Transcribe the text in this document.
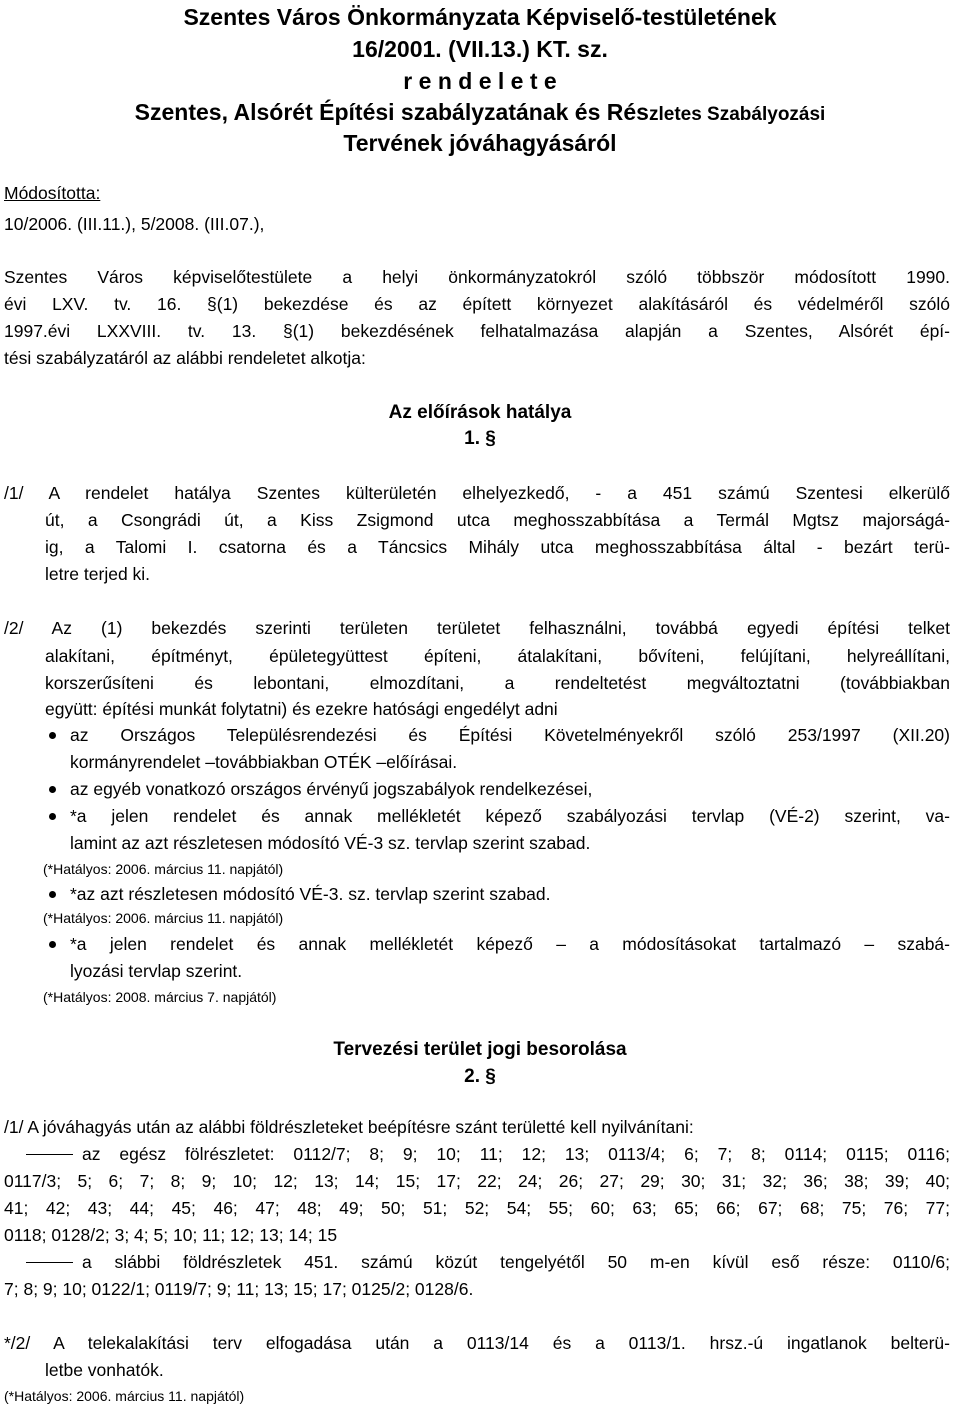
Szentes Város Önkormányzata Képviselő-testületének
16/2001. (VII.13.) KT. sz.
r e n d e l e t e
Szentes, Alsórét Építési szabályzatának és Részletes Szabályozási
Tervének jóváhagyásáról
Módosította:
10/2006. (III.11.), 5/2008. (III.07.),
Szentes Város képviselőtestülete a helyi önkormányzatokról szóló többször módosított 1990.
évi LXV. tv. 16. §(1) bekezdése és az épített környezet alakításáról és védelméről szóló
1997.évi LXXVIII. tv. 13. §(1) bekezdésének felhatalmazása alapján a Szentes, Alsórét épí-
tési szabályzatáról az alábbi rendeletet alkotja:
Az előírások hatálya
1. §
/1/ A rendelet hatálya Szentes külterületén elhelyezkedő, - a 451 számú Szentesi elkerülő
út, a Csongrádi út, a Kiss Zsigmond utca meghosszabbítása a Termál Mgtsz majorságá-
ig, a Talomi I. csatorna és a Táncsics Mihály utca meghosszabbítása által - bezárt terü-
letre terjed ki.
/2/ Az (1) bekezdés szerinti területen területet felhasználni, továbbá egyedi építési telket
alakítani, építményt, épületegyüttest építeni, átalakítani, bővíteni, felújítani, helyreállítani,
korszerűsíteni és lebontani, elmozdítani, a rendeltetést megváltoztatni (továbbiakban
együtt: építési munkát folytatni) és ezekre hatósági engedélyt adni
az Országos Településrendezési és Építési Követelményekről szóló 253/1997 (XII.20)
kormányrendelet –továbbiakban OTÉK –előírásai.
az egyéb vonatkozó országos érvényű jogszabályok rendelkezései,
*a jelen rendelet és annak mellékletét képező szabályozási tervlap (VÉ-2) szerint, va-
lamint az azt részletesen módosító VÉ-3 sz. tervlap szerint szabad.
(*Hatályos: 2006. március 11. napjától)
*az azt részletesen módosító VÉ-3. sz. tervlap szerint szabad.
(*Hatályos: 2006. március 11. napjától)
*a jelen rendelet és annak mellékletét képező – a módosításokat tartalmazó – szabá-
lyozási tervlap szerint.
(*Hatályos: 2008. március 7. napjától)
Tervezési terület jogi besorolása
2. §
/1/ A jóváhagyás után az alábbi földrészleteket beépítésre szánt területté kell nyilvánítani:
az egész fölrészletet: 0112/7; 8; 9; 10; 11; 12; 13; 0113/4; 6; 7; 8; 0114; 0115; 0116;
0117/3; 5; 6; 7; 8; 9; 10; 12; 13; 14; 15; 17; 22; 24; 26; 27; 29; 30; 31; 32; 36; 38; 39; 40;
41; 42; 43; 44; 45; 46; 47; 48; 49; 50; 51; 52; 54; 55; 60; 63; 65; 66; 67; 68; 75; 76; 77;
0118; 0128/2; 3; 4; 5; 10; 11; 12; 13; 14; 15
a slábbi földrészletek 451. számú közút tengelyétől 50 m-en kívül eső része: 0110/6;
7; 8; 9; 10; 0122/1; 0119/7; 9; 11; 13; 15; 17; 0125/2; 0128/6.
*/2/ A telekalakítási terv elfogadása után a 0113/14 és a 0113/1. hrsz.-ú ingatlanok belterü-
letbe vonhatók.
(*Hatályos: 2006. március 11. napjától)
